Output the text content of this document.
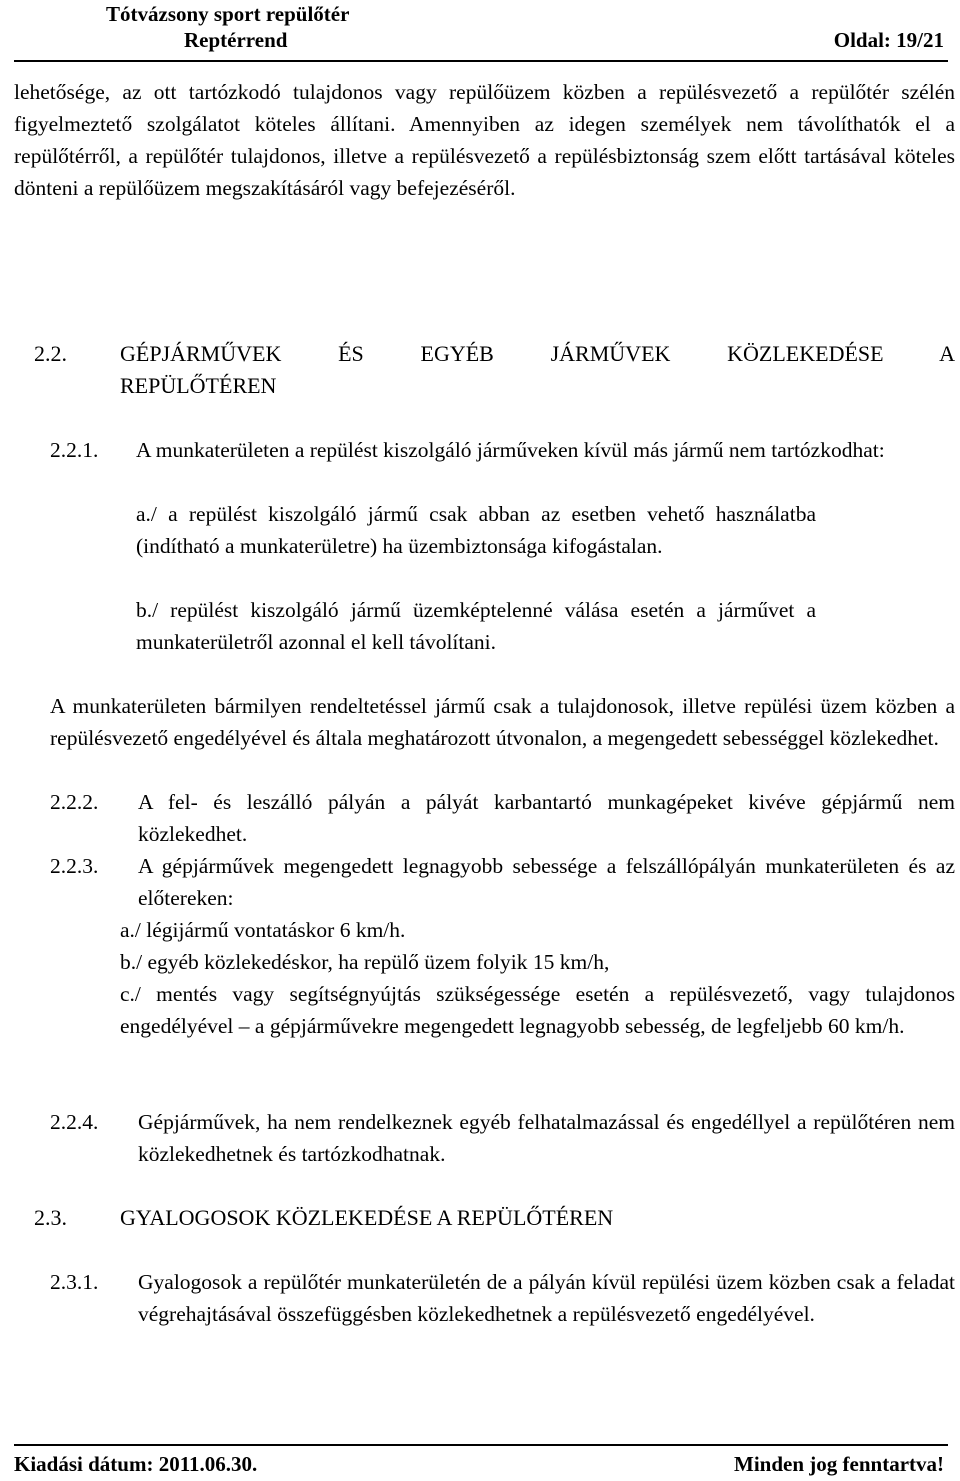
Tótvázsony sport repülőtér
Reptérrend	Oldal: 19/21
lehetősége, az ott tartózkodó tulajdonos vagy repülőüzem közben a repülésvezető a repülőtér szélén figyelmeztető szolgálatot köteles állítani. Amennyiben az idegen személyek nem távolíthatók el a repülőtérről, a repülőtér tulajdonos, illetve a repülésvezető a repülésbiztonság szem előtt tartásával köteles dönteni a repülőüzem megszakításáról vagy befejezéséről.
2.2. GÉPJÁRMŰVEK ÉS EGYÉB JÁRMŰVEK KÖZLEKEDÉSE A
REPÜLŐTÉREN
2.2.1. A munkaterületen a repülést kiszolgáló járműveken kívül más jármű nem tartózkodhat:
a./ a repülést kiszolgáló jármű csak abban az esetben vehető használatba (indítható a munkaterületre) ha üzembiztonsága kifogástalan.
b./ repülést kiszolgáló jármű üzemképtelenné válása esetén a járművet a munkaterületről azonnal el kell távolítani.
A munkaterületen bármilyen rendeltetéssel jármű csak a tulajdonosok, illetve repülési üzem közben a repülésvezető engedélyével és általa meghatározott útvonalon, a megengedett sebességgel közlekedhet.
2.2.2. A fel- és leszálló pályán a pályát karbantartó munkagépeket kivéve gépjármű nem közlekedhet.
2.2.3. A gépjárművek megengedett legnagyobb sebessége a felszállópályán munkaterületen és az előtereken:
a./ légijármű vontatáskor 6 km/h.
b./ egyéb közlekedéskor, ha repülő üzem folyik 15 km/h,
c./ mentés vagy segítségnyújtás szükségessége esetén a repülésvezető, vagy tulajdonos engedélyével – a gépjárművekre megengedett legnagyobb sebesség, de legfeljebb 60 km/h.
2.2.4. Gépjárművek, ha nem rendelkeznek egyéb felhatalmazással és engedéllyel a repülőtéren nem közlekedhetnek és tartózkodhatnak.
2.3. GYALOGOSOK KÖZLEKEDÉSE A REPÜLŐTÉREN
2.3.1. Gyalogosok a repülőtér munkaterületén de a pályán kívül repülési üzem közben csak a feladat végrehajtásával összefüggésben közlekedhetnek a repülésvezető engedélyével.
Kiadási dátum: 2011.06.30.	Minden jog fenntartva!
